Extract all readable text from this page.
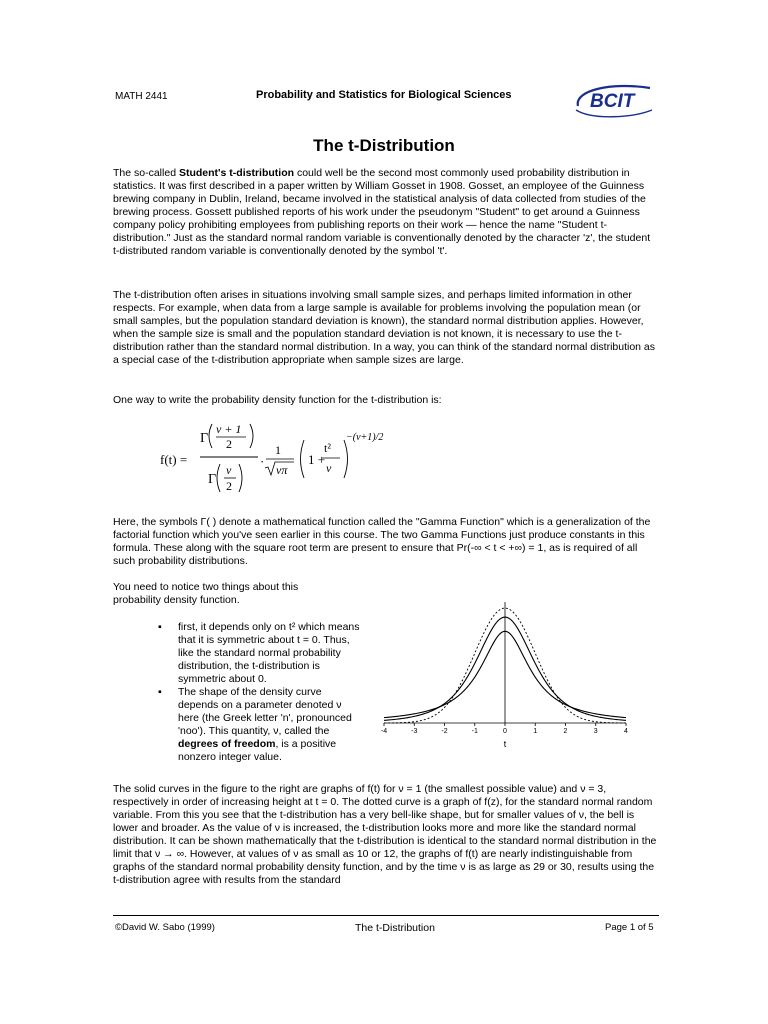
MATH 2441	Probability and Statistics for Biological Sciences	BCIT
The t-Distribution

The so-called Student's t-distribution could well be the second most commonly used probability distribution in statistics. It was first described in a paper written by William Gosset in 1908. Gosset, an employee of the Guinness brewing company in Dublin, Ireland, became involved in the statistical analysis of data collected from studies of the brewing process. Gossett published reports of his work under the pseudonym "Student" to get around a Guinness company policy prohibiting employees from publishing reports on their work — hence the name "Student t-distribution." Just as the standard normal random variable is conventionally denoted by the character 'z', the student t-distributed random variable is conventionally denoted by the symbol 't'.

The t-distribution often arises in situations involving small sample sizes, and perhaps limited information in other respects. For example, when data from a large sample is available for problems involving the population mean (or small samples, but the population standard deviation is known), the standard normal distribution applies. However, when the sample size is small and the population standard deviation is not known, it is necessary to use the t-distribution rather than the standard normal distribution. In a way, you can think of the standard normal distribution as a special case of the t-distribution appropriate when sample sizes are large.

One way to write the probability density function for the t-distribution is:

f(t) =
Γ
ν + 1
2
Γ
ν
2
·
1
νπ
1 +
t²
ν
−(ν+1)/2

Here, the symbols Γ( ) denote a mathematical function called the "Gamma Function" which is a generalization of the factorial function which you've seen earlier in this course. The two Gamma Functions just produce constants in this formula. These along with the square root term are present to ensure that Pr(-∞ < t < +∞) = 1, as is required of all such probability distributions.

You need to notice two things about this probability density function.

▪ first, it depends only on t² which means that it is symmetric about t = 0. Thus, like the standard normal probability distribution, the t-distribution is symmetric about 0.
▪ The shape of the density curve depends on a parameter denoted ν here (the Greek letter 'n', pronounced 'noo'). This quantity, ν, called the degrees of freedom, is a positive nonzero integer value.
-4	-3	-2	-1	0	1	2	3	4
t

The solid curves in the figure to the right are graphs of f(t) for ν = 1 (the smallest possible value) and ν = 3, respectively in order of increasing height at t = 0. The dotted curve is a graph of f(z), for the standard normal random variable. From this you see that the t-distribution has a very bell-like shape, but for smaller values of ν, the bell is lower and broader. As the value of ν is increased, the t-distribution looks more and more like the standard normal distribution. It can be shown mathematically that the t-distribution is identical to the standard normal distribution in the limit that ν → ∞. However, at values of ν as small as 10 or 12, the graphs of f(t) are nearly indistinguishable from graphs of the standard normal probability density function, and by the time ν is as large as 29 or 30, results using the t-distribution agree with results from the standard

©David W. Sabo (1999)	The t-Distribution	Page 1 of 5
